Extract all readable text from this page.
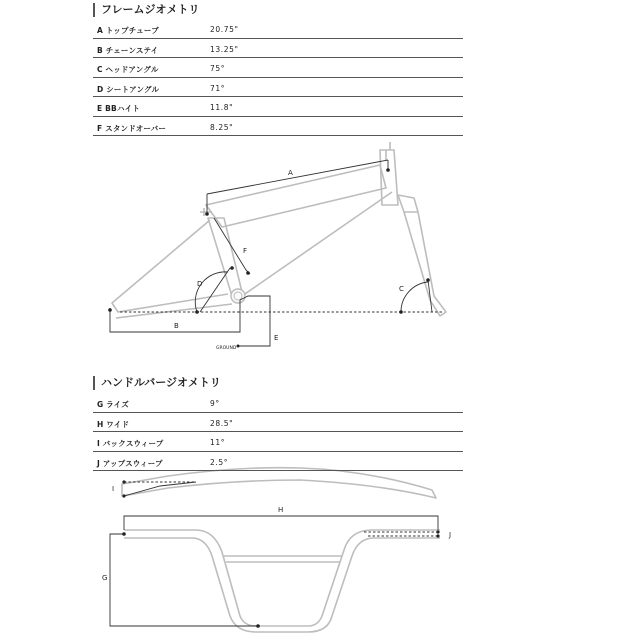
フレームジオメトリ
A トップチューブ	20.75"
B チェーンステイ	13.25"
C ヘッドアングル	75°
D シートアングル	71°
E BBハイト	11.8"
F スタンドオーバー	8.25"
A
F
D
C
B
E
GROUND
I
H
J
G
ハンドルバージオメトリ
G ライズ	9°
H ワイド	28.5"
I バックスウィープ	11°
J アップスウィープ	2.5°
